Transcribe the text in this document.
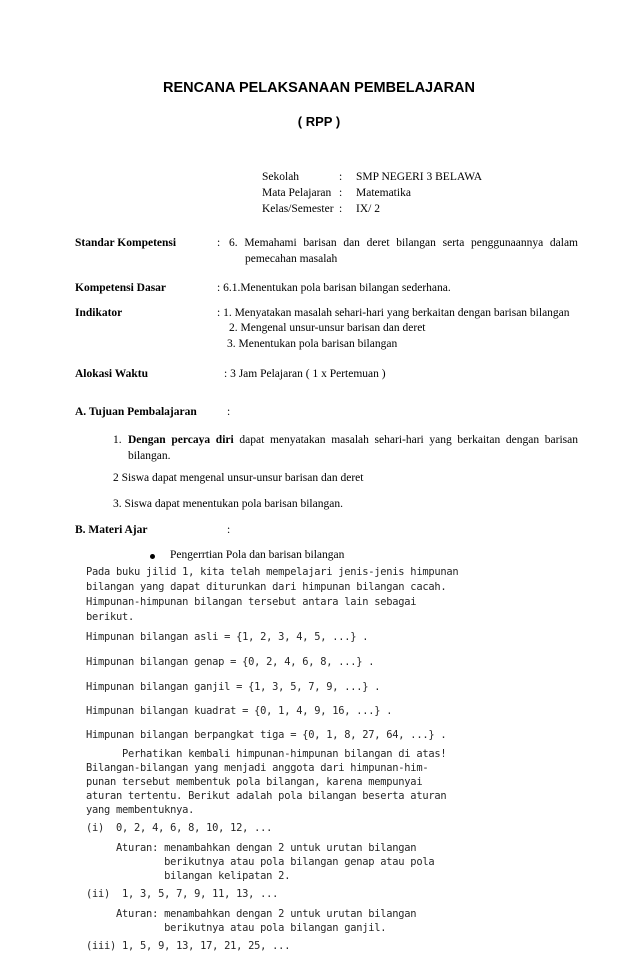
RENCANA PELAKSANAAN PEMBELAJARAN
( RPP )
Sekolah	: SMP NEGERI 3 BELAWA
Mata Pelajaran : Matematika
Kelas/Semester : IX/ 2
Standar Kompetensi	: 6. Memahami barisan dan deret bilangan serta penggunaannya dalam
pemecahan masalah
Kompetensi Dasar	: 6.1.Menentukan pola barisan bilangan sederhana.
Indikator	: 1. Menyatakan masalah sehari-hari yang berkaitan dengan barisan bilangan
2. Mengenal unsur-unsur barisan dan deret
3. Menentukan pola barisan bilangan
Alokasi Waktu	: 3 Jam Pelajaran ( 1 x Pertemuan )
A. Tujuan Pembalajaran	:
1. Dengan percaya diri dapat menyatakan masalah sehari-hari yang berkaitan dengan barisan
bilangan.
2 Siswa dapat mengenal unsur-unsur barisan dan deret
3. Siswa dapat menentukan pola barisan bilangan.
B. Materi Ajar	:
Pengerrtian Pola dan barisan bilangan
Pada buku jilid 1, kita telah mempelajari jenis-jenis himpunan
bilangan yang dapat diturunkan dari himpunan bilangan cacah.
Himpunan-himpunan bilangan tersebut antara lain sebagai
berikut.
Himpunan bilangan asli = {1, 2, 3, 4, 5, ...} .
Himpunan bilangan genap = {0, 2, 4, 6, 8, ...} .
Himpunan bilangan ganjil = {1, 3, 5, 7, 9, ...} .
Himpunan bilangan kuadrat = {0, 1, 4, 9, 16, ...} .
Himpunan bilangan berpangkat tiga = {0, 1, 8, 27, 64, ...} .
Perhatikan kembali himpunan-himpunan bilangan di atas!
Bilangan-bilangan yang menjadi anggota dari himpunan-him-
punan tersebut membentuk pola bilangan, karena mempunyai
aturan tertentu. Berikut adalah pola bilangan beserta aturan
yang membentuknya.
(i)  0, 2, 4, 6, 8, 10, 12, ...
Aturan: menambahkan dengan 2 untuk urutan bilangan
berikutnya atau pola bilangan genap atau pola
bilangan kelipatan 2.
(ii)  1, 3, 5, 7, 9, 11, 13, ...
Aturan: menambahkan dengan 2 untuk urutan bilangan
berikutnya atau pola bilangan ganjil.
(iii) 1, 5, 9, 13, 17, 21, 25, ...
